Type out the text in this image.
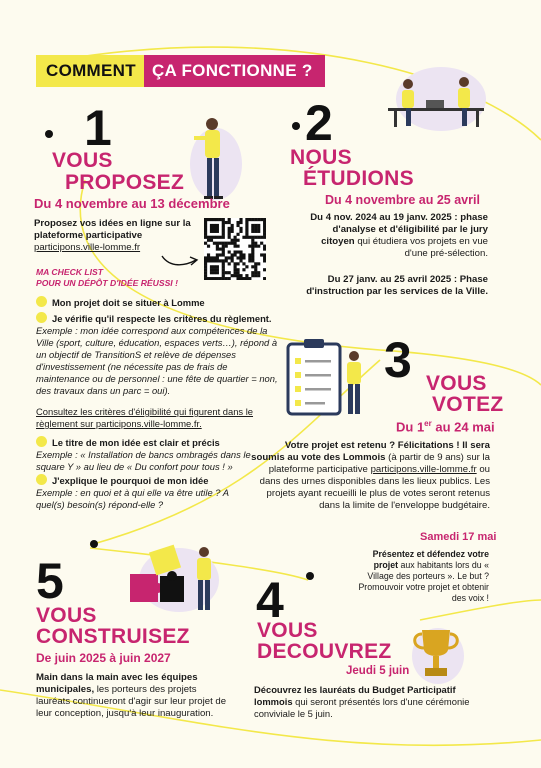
COMMENT ÇA FONCTIONNE ?
1
VOUS
PROPOSEZ
Du 4 novembre au 13 décembre
Proposez vos idées en ligne sur la plateforme participative
participons.ville-lomme.fr
MA CHECK LIST
POUR UN DÉPÔT D'IDÉE RÉUSSI !
Mon projet doit se situer à Lomme
Je vérifie qu'il respecte les critères du règlement. Exemple : mon idée correspond aux compétences de la Ville (sport, culture, éducation, espaces verts…), répond à un objectif de TransitionS et relève de dépenses d'investissement (ne nécessite pas de frais de maintenance ou de personnel : une fête de quartier = non, des travaux dans un parc = oui).
Consultez les critères d'éligibilité qui figurent dans le règlement sur participons.ville-lomme.fr.
Le titre de mon idée est clair et précis
Exemple : « Installation de bancs ombragés dans le square Y » au lieu de « Du confort pour tous ! »
J'explique le pourquoi de mon idée
Exemple : en quoi et à qui elle va être utile ? A quel(s) besoin(s) répond-elle ?
2
NOUS
ÉTUDIONS
Du 4 novembre au 25 avril
Du 4 nov. 2024 au 19 janv. 2025 : phase d'analyse et d'éligibilité par le jury citoyen qui étudiera vos projets en vue d'une pré-sélection.
Du 27 janv. au 25 avril 2025 : Phase d'instruction par les services de la Ville.
3 VOUS
VOTEZ
Du 1er au 24 mai
Votre projet est retenu ? Félicitations ! Il sera soumis au vote des Lommois (à partir de 9 ans) sur la plateforme participative participons.ville-lomme.fr ou dans des urnes disponibles dans les lieux publics. Les projets ayant recueilli le plus de votes seront retenus dans la limite de l'enveloppe budgétaire.
Samedi 17 mai
Présentez et défendez votre projet aux habitants lors du « Village des porteurs ». Le but ? Promouvoir votre projet et obtenir des voix !
4
VOUS
DECOUVREZ
Jeudi 5 juin
Découvrez les lauréats du Budget Participatif lommois qui seront présentés lors d'une cérémonie conviviale le 5 juin.
5
VOUS
CONSTRUISEZ
De juin 2025 à juin 2027
Main dans la main avec les équipes municipales, les porteurs des projets lauréats continueront d'agir sur leur projet de leur conception, jusqu'à leur inauguration.
